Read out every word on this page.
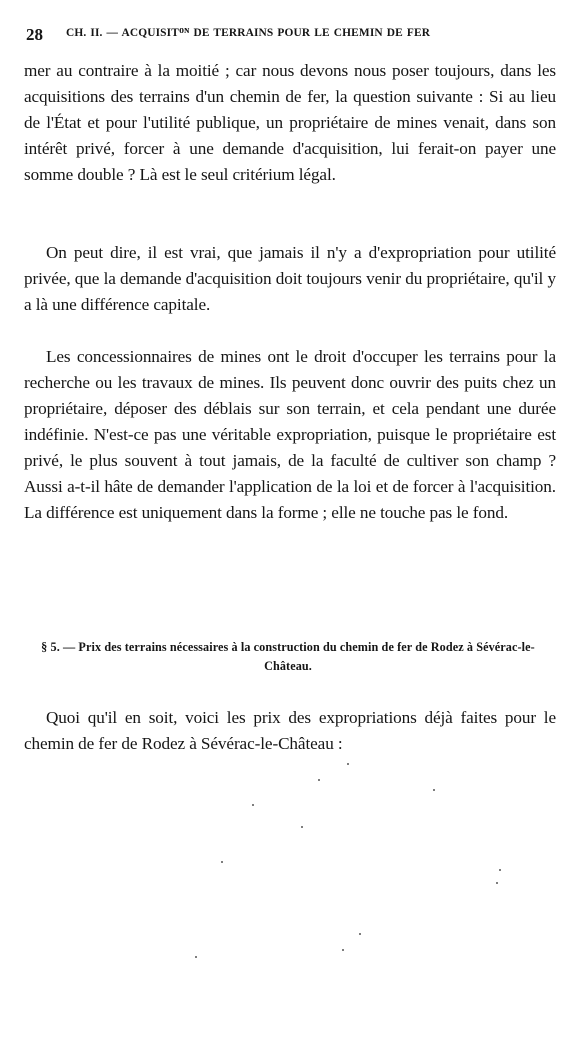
28 CH. II. — ACQUISITᴼᴺ DE TERRAINS POUR LE CHEMIN DE FER

mer au contraire à la moitié ; car nous devons nous poser toujours, dans les acquisitions des terrains d'un chemin de fer, la question suivante : Si au lieu de l'État et pour l'utilité publique, un propriétaire de mines venait, dans son intérêt privé, forcer à une demande d'acquisition, lui ferait-on payer une somme double ? Là est le seul critérium légal.

On peut dire, il est vrai, que jamais il n'y a d'expropriation pour utilité privée, que la demande d'acquisition doit toujours venir du propriétaire, qu'il y a là une différence capitale.

Les concessionnaires de mines ont le droit d'occuper les terrains pour la recherche ou les travaux de mines. Ils peuvent donc ouvrir des puits chez un propriétaire, déposer des déblais sur son terrain, et cela pendant une durée indéfinie. N'est-ce pas une véritable expropriation, puisque le propriétaire est privé, le plus souvent à tout jamais, de la faculté de cultiver son champ ? Aussi a-t-il hâte de demander l'application de la loi et de forcer à l'acquisition. La différence est uniquement dans la forme ; elle ne touche pas le fond.

§ 5. — Prix des terrains nécessaires à la construction du chemin de fer de Rodez à Sévérac-le-Château.

Quoi qu'il en soit, voici les prix des expropriations déjà faites pour le chemin de fer de Rodez à Sévérac-le-Château :
